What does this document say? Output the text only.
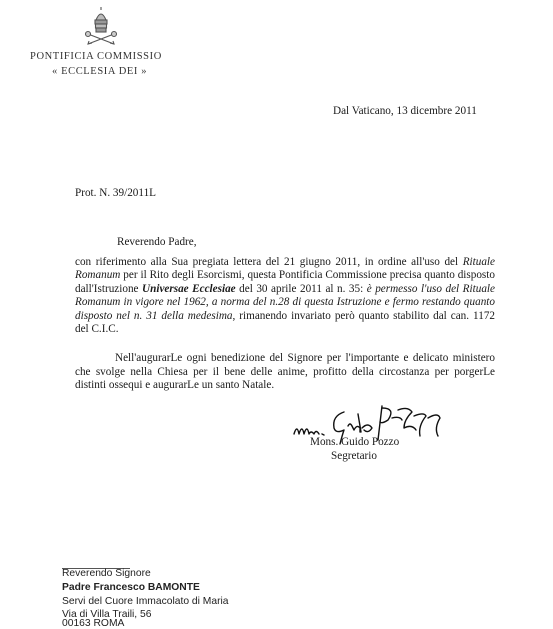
PONTIFICIA COMMISSIO
« ECCLESIA DEI »
Dal Vaticano, 13 dicembre 2011
Prot. N. 39/2011L
Reverendo Padre,

con riferimento alla Sua pregiata lettera del 21 giugno 2011, in ordine all'uso del Rituale Romanum per il Rito degli Esorcismi, questa Pontificia Commissione precisa quanto disposto dall'Istruzione Universae Ecclesiae del 30 aprile 2011 al n. 35: è permesso l'uso del Rituale Romanum in vigore nel 1962, a norma del n.28 di questa Istruzione e fermo restando quanto disposto nel n. 31 della medesima, rimanendo invariato però quanto stabilito dal can. 1172 del C.I.C.

Nell'augurarLe ogni benedizione del Signore per l'importante e delicato ministero che svolge nella Chiesa per il bene delle anime, profitto della circostanza per porgerLe distinti ossequi e augurarLe un santo Natale.

Mons. Guido Pozzo
Segretario
Reverendo Signore
Padre Francesco BAMONTE
Servi del Cuore Immacolato di Maria
Via di Villa Traili, 56
00163 ROMA
